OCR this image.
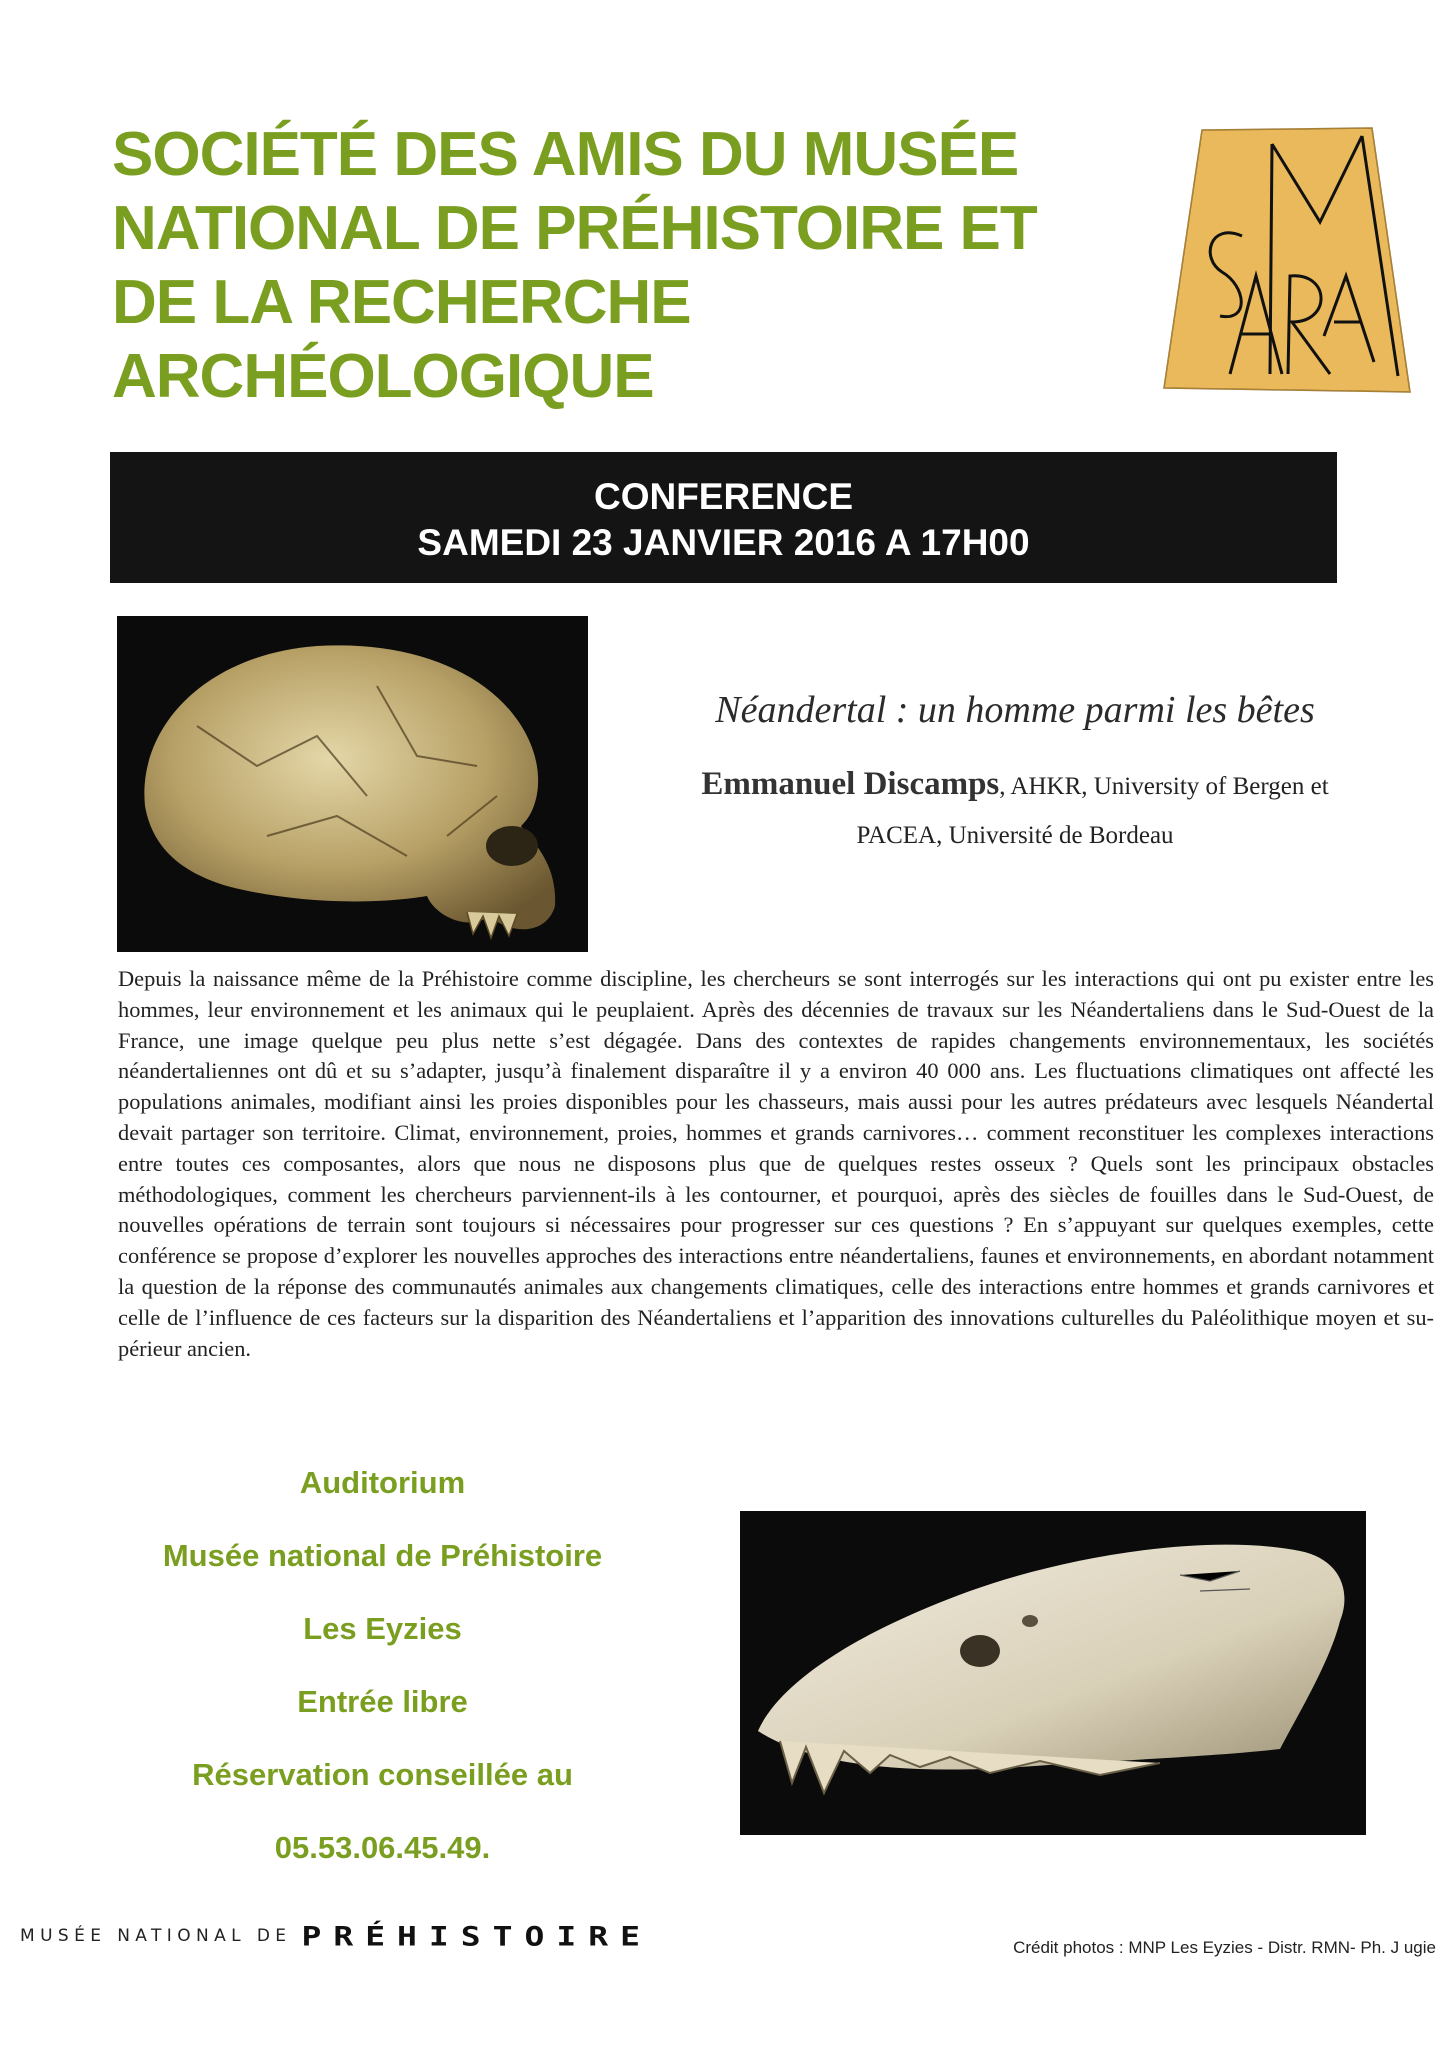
SOCIÉTÉ DES AMIS DU MUSÉE
NATIONAL DE PRÉHISTOIRE ET
DE LA RECHERCHE
ARCHÉOLOGIQUE
CONFERENCE
SAMEDI 23 JANVIER 2016 A 17H00
Néandertal : un homme parmi les bêtes
Emmanuel Discamps, AHKR, University of Bergen et
PACEA, Université de Bordeau
Depuis la naissance même de la Préhistoire comme discipline, les chercheurs se sont interrogés sur les interactions qui ont pu exister entre les hommes, leur environnement et les animaux qui le peuplaient. Après des décennies de travaux sur les Néandertaliens dans le Sud-Ouest de la France, une image quelque peu plus nette s’est dégagée. Dans des contextes de rapides changements environnementaux, les sociétés néandertaliennes ont dû et su s’adapter, jusqu’à finalement disparaître il y a environ 40 000 ans. Les fluctuations climatiques ont affecté les populations animales, modifiant ainsi les proies disponibles pour les chasseurs, mais aussi pour les autres prédateurs avec lesquels Néandertal devait partager son territoire. Climat, environnement, proies, hommes et grands carnivores… comment reconstituer les complexes interactions entre toutes ces composantes, alors que nous ne disposons plus que de quelques restes osseux ? Quels sont les principaux obstacles méthodologiques, comment les chercheurs parviennent-ils à les contourner, et pourquoi, après des siècles de fouilles dans le Sud-Ouest, de nouvelles opérations de terrain sont toujours si nécessaires pour progresser sur ces questions ? En s’appuyant sur quelques exemples, cette conférence se propose d’explorer les nouvelles approches des interactions entre néandertaliens, faunes et environnements, en abordant notamment la question de la réponse des communautés animales aux changements climatiques, celle des interactions entre hommes et grands carnivores et celle de l’influence de ces facteurs sur la disparition des Néandertaliens et l’apparition des innovations culturelles du Paléolithique moyen et supérieur ancien.
Auditorium
Musée national de Préhistoire
Les Eyzies
Entrée libre
Réservation conseillée au
05.53.06.45.49.
MUSÉE NATIONAL DE PRÉHISTOIRE	Crédit photos : MNP Les Eyzies - Distr. RMN- Ph. J ugie
